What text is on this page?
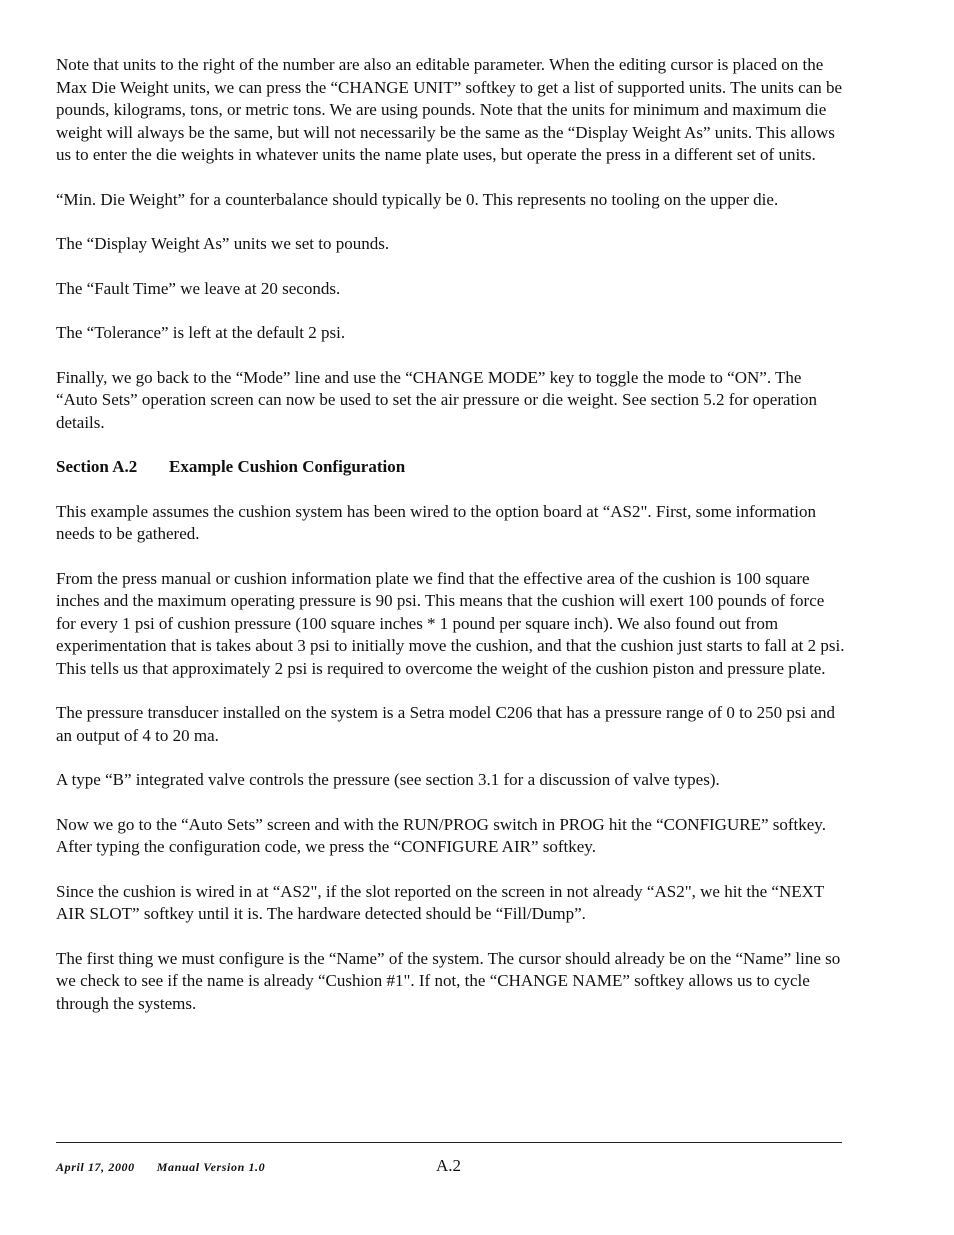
Note that units to the right of the number are also an editable parameter. When the editing cursor is placed on the Max Die Weight units, we can press the “CHANGE UNIT” softkey to get a list of supported units. The units can be pounds, kilograms, tons, or metric tons. We are using pounds. Note that the units for minimum and maximum die weight will always be the same, but will not necessarily be the same as the “Display Weight As” units. This allows us to enter the die weights in whatever units the name plate uses, but operate the press in a different set of units.

“Min. Die Weight” for a counterbalance should typically be 0. This represents no tooling on the upper die.

The “Display Weight As” units we set to pounds.

The “Fault Time” we leave at 20 seconds.

The “Tolerance” is left at the default 2 psi.

Finally, we go back to the “Mode” line and use the “CHANGE MODE” key to toggle the mode to “ON”. The “Auto Sets” operation screen can now be used to set the air pressure or die weight. See section 5.2 for operation details.

Section A.2 Example Cushion Configuration

This example assumes the cushion system has been wired to the option board at “AS2". First, some information needs to be gathered.

From the press manual or cushion information plate we find that the effective area of the cushion is 100 square inches and the maximum operating pressure is 90 psi. This means that the cushion will exert 100 pounds of force for every 1 psi of cushion pressure (100 square inches * 1 pound per square inch). We also found out from experimentation that is takes about 3 psi to initially move the cushion, and that the cushion just starts to fall at 2 psi. This tells us that approximately 2 psi is required to overcome the weight of the cushion piston and pressure plate.

The pressure transducer installed on the system is a Setra model C206 that has a pressure range of 0 to 250 psi and an output of 4 to 20 ma.

A type “B” integrated valve controls the pressure (see section 3.1 for a discussion of valve types).

Now we go to the “Auto Sets” screen and with the RUN/PROG switch in PROG hit the “CONFIGURE” softkey. After typing the configuration code, we press the “CONFIGURE AIR” softkey.

Since the cushion is wired in at “AS2", if the slot reported on the screen in not already “AS2", we hit the “NEXT AIR SLOT” softkey until it is. The hardware detected should be “Fill/Dump”.

The first thing we must configure is the “Name” of the system. The cursor should already be on the “Name” line so we check to see if the name is already “Cushion #1". If not, the “CHANGE NAME” softkey allows us to cycle through the systems.

April 17, 2000 Manual Version 1.0	A.2
